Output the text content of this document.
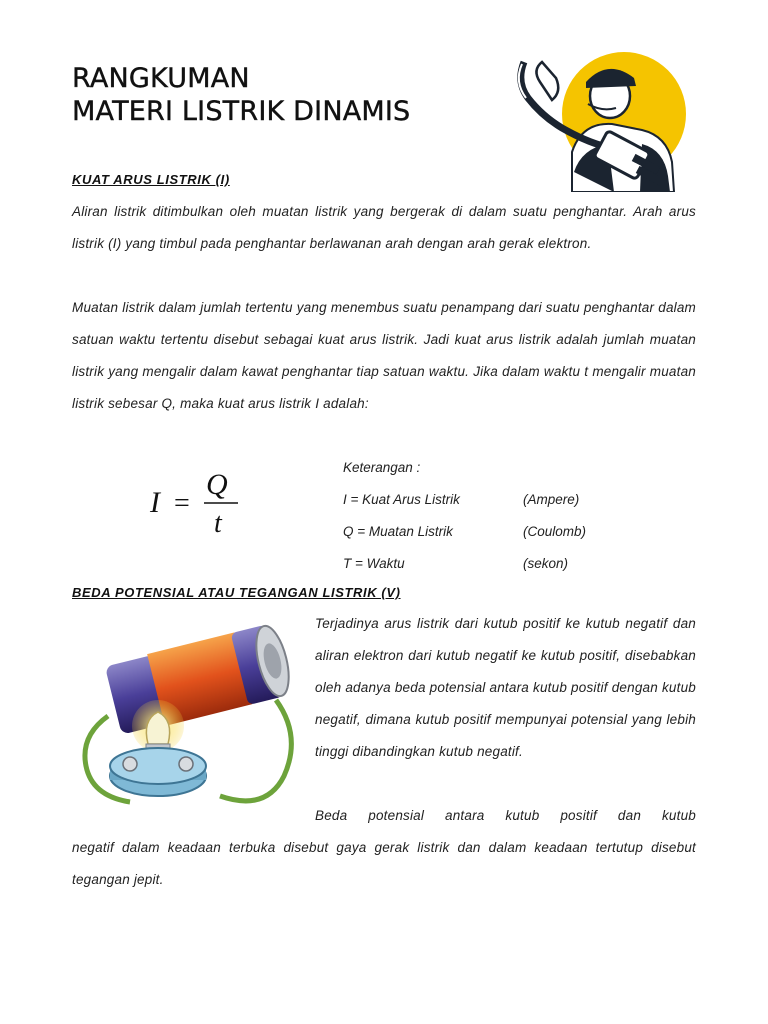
RANGKUMAN
MATERI LISTRIK DINAMIS
KUAT ARUS LISTRIK (I)

Aliran listrik ditimbulkan oleh muatan listrik yang bergerak di dalam suatu penghantar. Arah arus listrik (I) yang timbul pada penghantar berlawanan arah dengan arah gerak elektron.

Muatan listrik dalam jumlah tertentu yang menembus suatu penampang dari suatu penghantar dalam satuan waktu tertentu disebut sebagai kuat arus listrik. Jadi kuat arus listrik adalah jumlah muatan listrik yang mengalir dalam kawat penghantar tiap satuan waktu. Jika dalam waktu t mengalir muatan listrik sebesar Q, maka kuat arus listrik I adalah:

I =
Q
t
Keterangan :
I = Kuat Arus Listrik	(Ampere)
Q = Muatan Listrik	(Coulomb)
T = Waktu	(sekon)
BEDA POTENSIAL ATAU TEGANGAN LISTRIK (V)

Terjadinya arus listrik dari kutub positif ke kutub negatif dan aliran elektron dari kutub negatif ke kutub positif, disebabkan oleh adanya beda potensial antara kutub positif dengan kutub negatif, dimana kutub positif mempunyai potensial yang lebih tinggi dibandingkan kutub negatif.

Beda potensial antara kutub positif dan kutub

negatif dalam keadaan terbuka disebut gaya gerak listrik dan dalam keadaan tertutup disebut tegangan jepit.
